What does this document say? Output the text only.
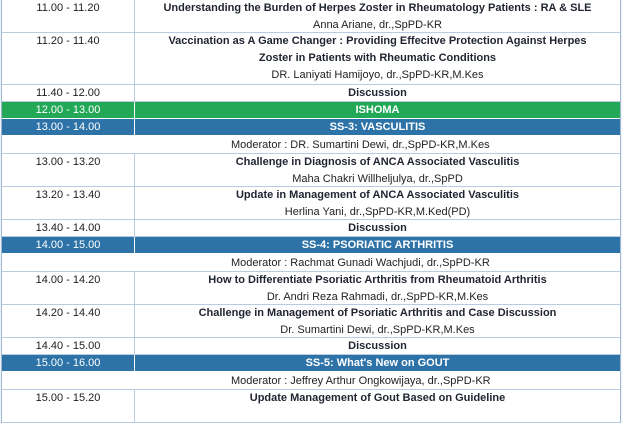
11.00 - 11.20	Understanding the Burden of Herpes Zoster in Rheumatology Patients : RA & SLE
Anna Ariane, dr.,SpPD-KR
11.20 - 11.40	Vaccination as A Game Changer : Providing Effecitve Protection Against Herpes
Zoster in Patients with Rheumatic Conditions
DR. Laniyati Hamijoyo, dr.,SpPD-KR,M.Kes
11.40 - 12.00	Discussion
12.00 - 13.00	ISHOMA
13.00 - 14.00	SS-3: VASCULITIS
Moderator : DR. Sumartini Dewi, dr.,SpPD-KR,M.Kes
13.00 - 13.20	Challenge in Diagnosis of ANCA Associated Vasculitis
Maha Chakri Willheljulya, dr.,SpPD
13.20 - 13.40	Update in Management of ANCA Associated Vasculitis
Herlina Yani, dr.,SpPD-KR,M.Ked(PD)
13.40 - 14.00	Discussion
14.00 - 15.00	SS-4: PSORIATIC ARTHRITIS
Moderator : Rachmat Gunadi Wachjudi, dr.,SpPD-KR
14.00 - 14.20	How to Differentiate Psoriatic Arthritis from Rheumatoid Arthritis
Dr. Andri Reza Rahmadi, dr.,SpPD-KR,M.Kes
14.20 - 14.40	Challenge in Management of Psoriatic Arthritis and Case Discussion
Dr. Sumartini Dewi, dr.,SpPD-KR,M.Kes
14.40 - 15.00	Discussion
15.00 - 16.00	SS-5: What's New on GOUT
Moderator : Jeffrey Arthur Ongkowijaya, dr.,SpPD-KR
15.00 - 15.20	Update Management of Gout Based on Guideline
